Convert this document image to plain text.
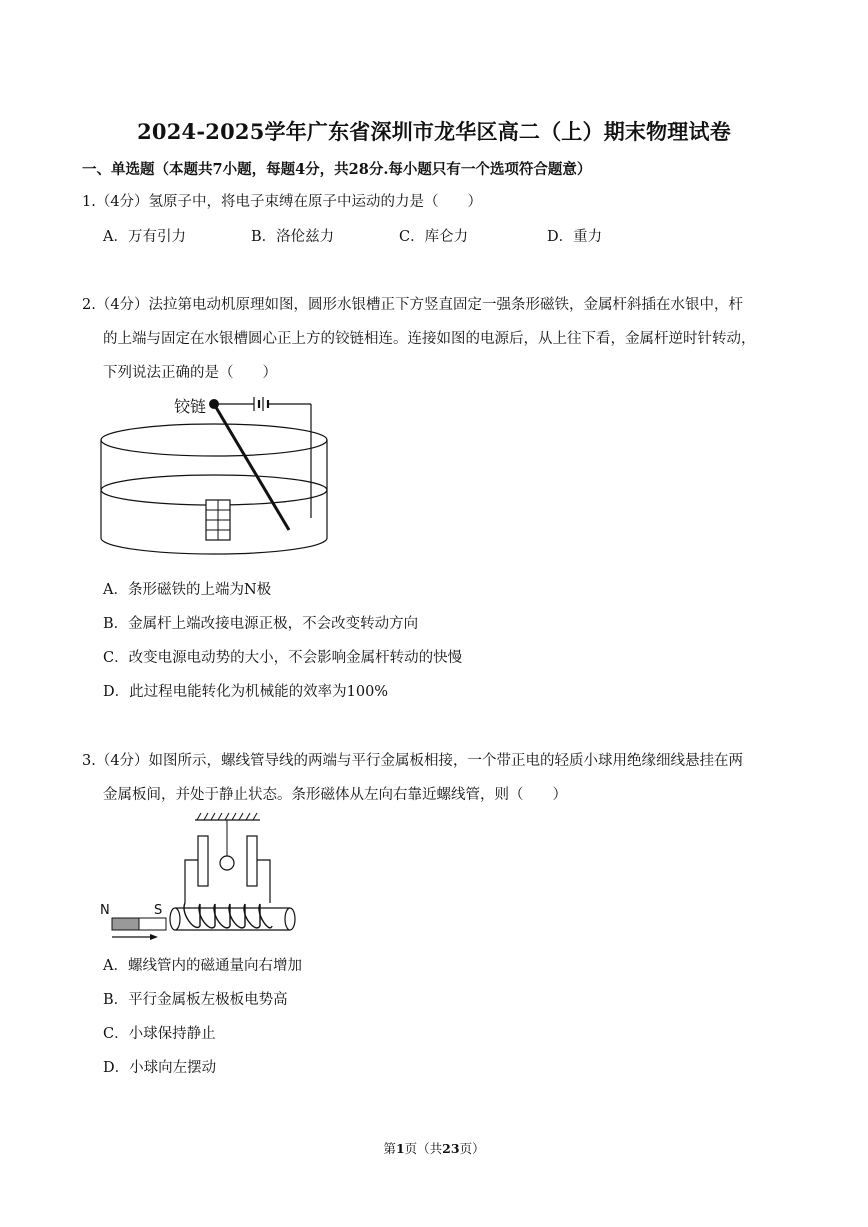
2024-2025学年广东省深圳市龙华区高二（上）期末物理试卷
一、单选题（本题共7小题，每题4分，共28分.每小题只有一个选项符合题意）
1.（4分）氢原子中，将电子束缚在原子中运动的力是（　　）
A．万有引力	B．洛伦兹力	C．库仑力	D．重力
2.（4分）法拉第电动机原理如图，圆形水银槽正下方竖直固定一强条形磁铁，金属杆斜插在水银中，杆
的上端与固定在水银槽圆心正上方的铰链相连。连接如图的电源后，从上往下看，金属杆逆时针转动，
下列说法正确的是（　　）
铰链
A．条形磁铁的上端为N极
B．金属杆上端改接电源正极，不会改变转动方向
C．改变电源电动势的大小，不会影响金属杆转动的快慢
D．此过程电能转化为机械能的效率为100%
3.（4分）如图所示，螺线管导线的两端与平行金属板相接，一个带正电的轻质小球用绝缘细线悬挂在两
金属板间，并处于静止状态。条形磁体从左向右靠近螺线管，则（　　）
N	S
A．螺线管内的磁通量向右增加
B．平行金属板左极板电势高
C．小球保持静止
D．小球向左摆动
第1页（共23页）
